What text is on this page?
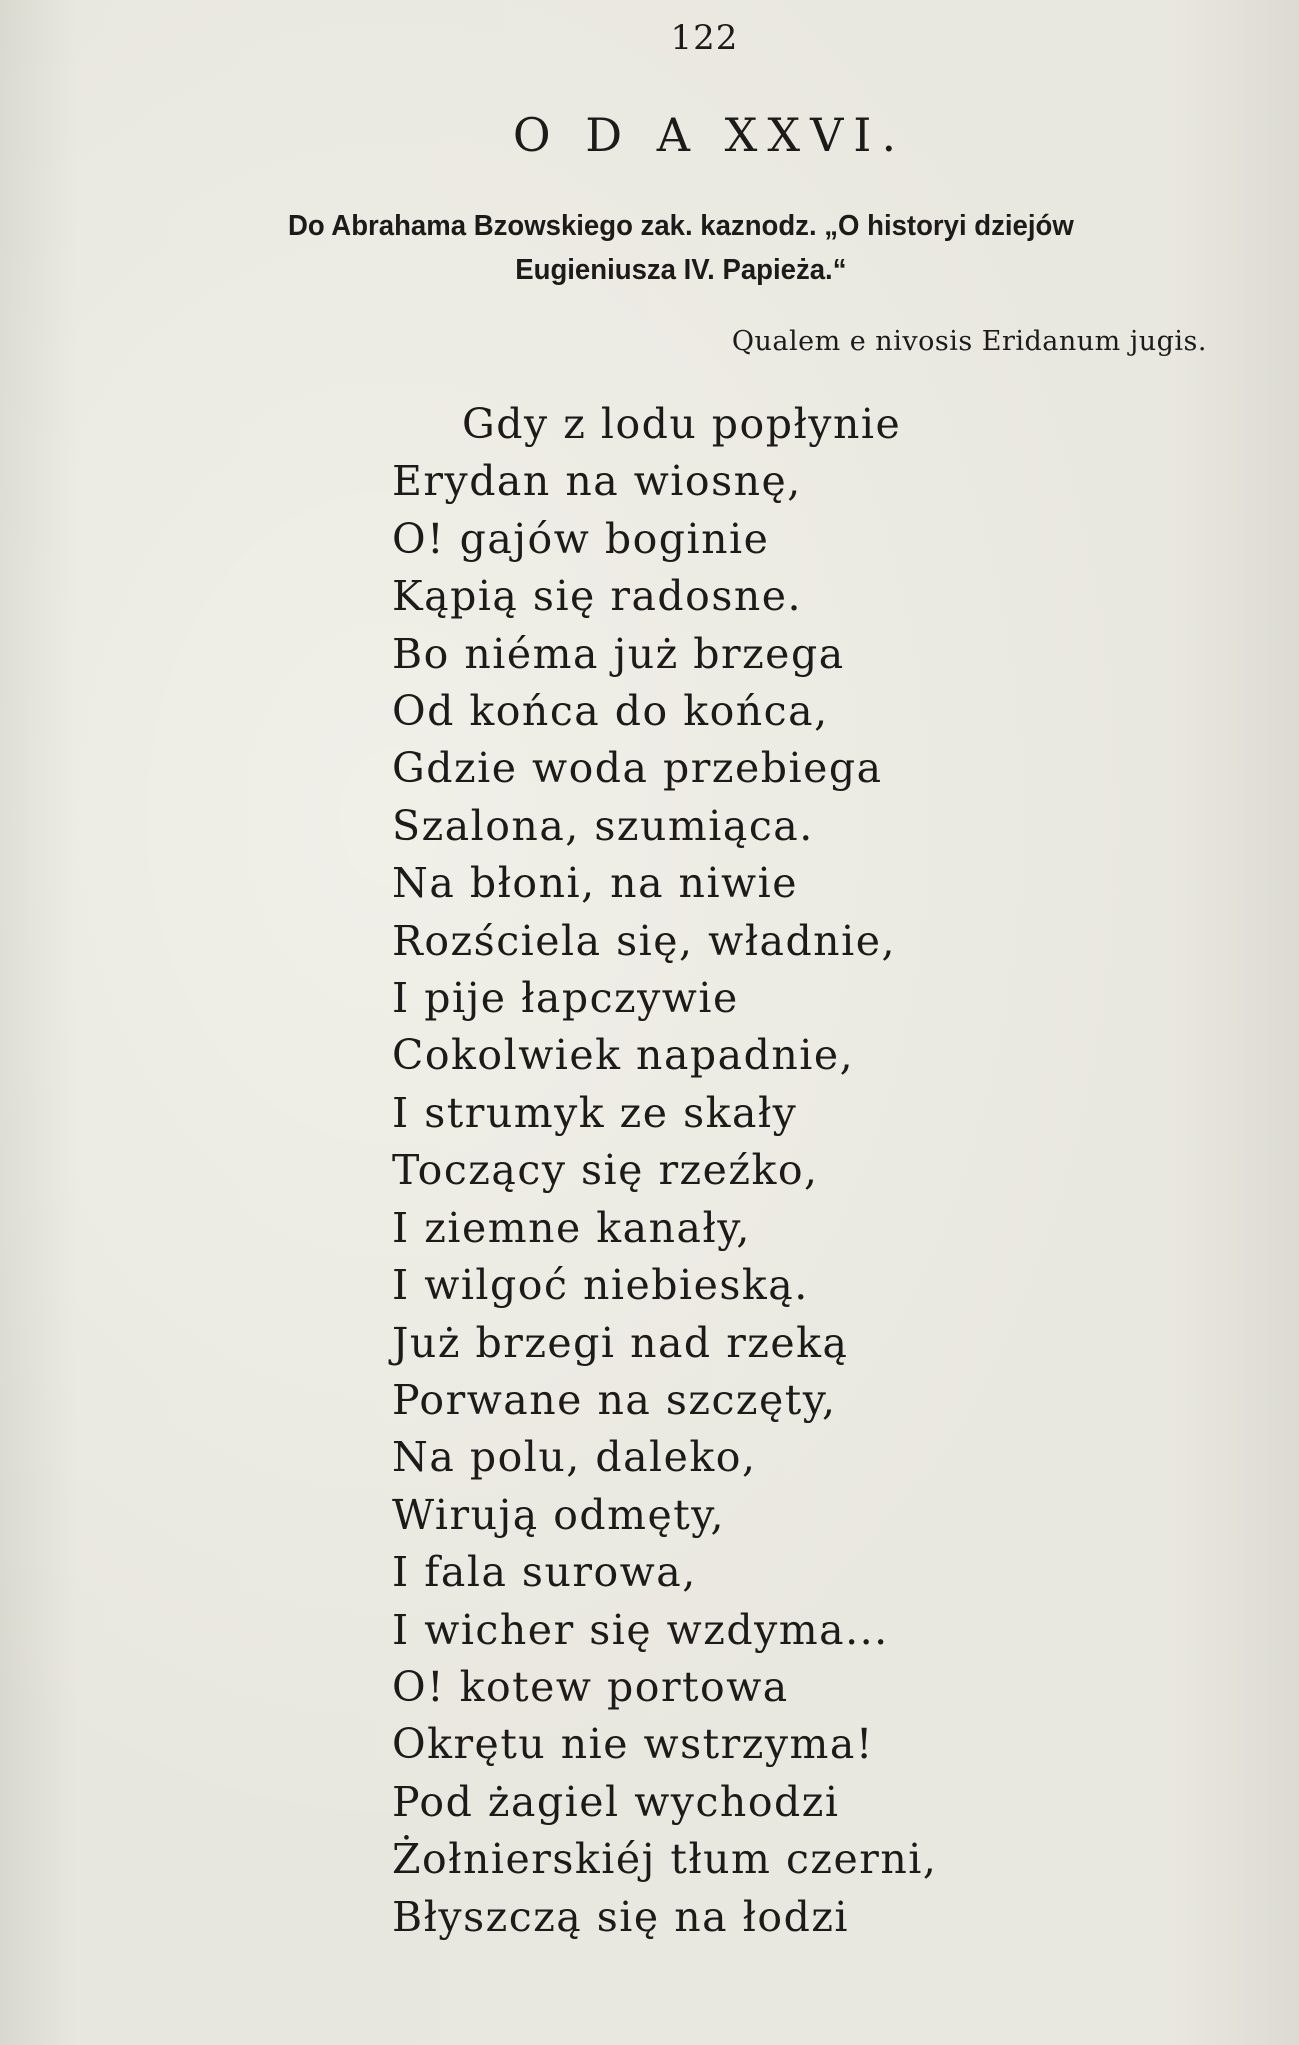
122
O D A XXVI.
Do Abrahama Bzowskiego zak. kaznodz. „O historyi dziejów
Eugieniusza IV. Papieża.“
Qualem e nivosis Eridanum jugis.
Gdy z lodu popłynie
Erydan na wiosnę,
O! gajów boginie
Kąpią się radosne.
Bo niéma już brzega
Od końca do końca,
Gdzie woda przebiega
Szalona, szumiąca.
Na błoni, na niwie
Rozściela się, władnie,
I pije łapczywie
Cokolwiek napadnie,
I strumyk ze skały
Toczący się rzeźko,
I ziemne kanały,
I wilgoć niebieską.
Już brzegi nad rzeką
Porwane na szczęty,
Na polu, daleko,
Wirują odmęty,
I fala surowa,
I wicher się wzdyma...
O! kotew portowa
Okrętu nie wstrzyma!
Pod żagiel wychodzi
Żołnierskiéj tłum czerni,
Błyszczą się na łodzi
